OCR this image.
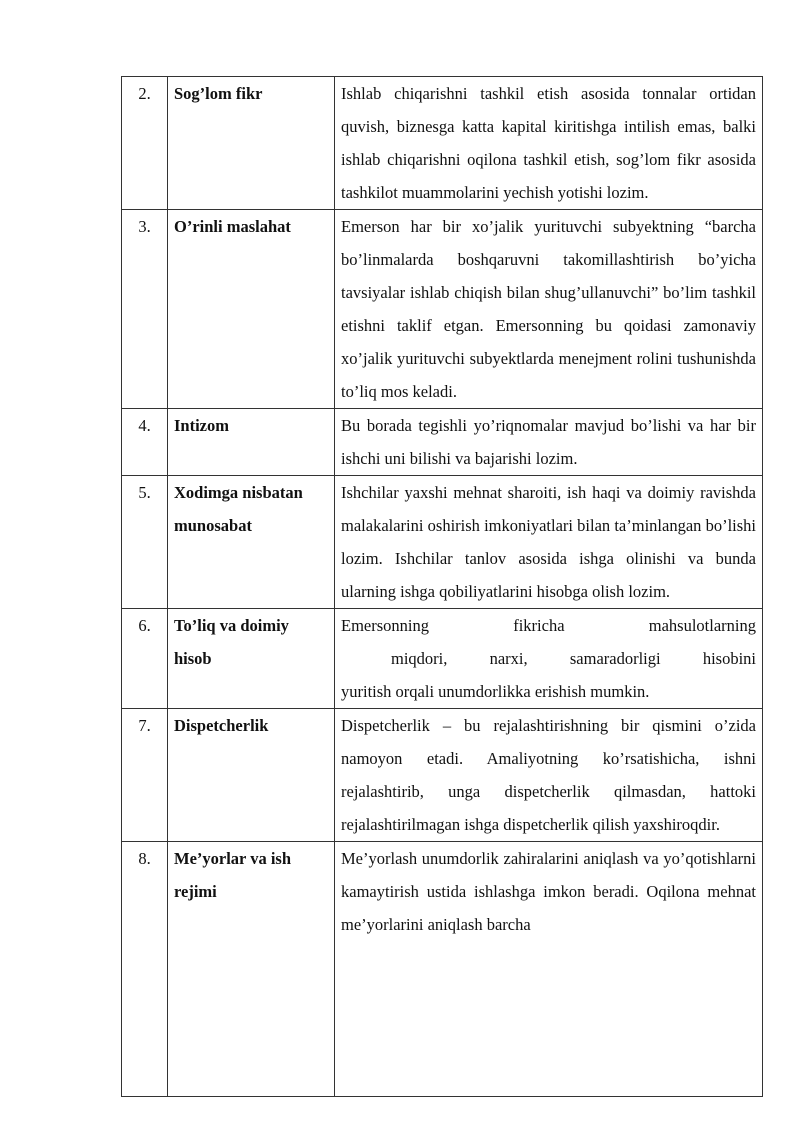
2.	Sog’lom fikr	Ishlab chiqarishni tashkil etish asosida tonnalar ortidan quvish, biznesga katta kapital kiritishga intilish emas, balki ishlab chiqarishni oqilona tashkil etish, sog’lom fikr asosida tashkilot muammolarini yechish yotishi lozim.
3.	O’rinli maslahat	Emerson har bir xo’jalik yurituvchi subyektning “barcha bo’linmalarda boshqaruvni takomillashtirish bo’yicha tavsiyalar ishlab chiqish bilan shug’ullanuvchi” bo’lim tashkil etishni taklif etgan. Emersonning bu qoidasi zamonaviy xo’jalik yurituvchi subyektlarda menejment rolini tushunishda to’liq mos keladi.
4.	Intizom	Bu borada tegishli yo’riqnomalar mavjud bo’lishi va har bir ishchi uni bilishi va bajarishi lozim.
5.	Xodimga nisbatan munosabat	Ishchilar yaxshi mehnat sharoiti, ish haqi va doimiy ravishda malakalarini oshirish imkoniyatlari bilan ta’minlangan bo’lishi lozim. Ishchilar tanlov asosida ishga olinishi va bunda ularning ishga qobiliyatlarini hisobga olish lozim.
6.	To’liq va doimiy hisob	Emersonning fikricha mahsulotlarning
miqdori, narxi, samaradorligi hisobini
yuritish orqali unumdorlikka erishish mumkin.

7.	Dispetcherlik	Dispetcherlik – bu rejalashtirishning bir qismini o’zida namoyon etadi. Amaliyotning ko’rsatishicha, ishni rejalashtirib, unga dispetcherlik qilmasdan, hattoki rejalashtirilmagan ishga dispetcherlik qilish yaxshiroqdir.
8.	Me’yorlar va ish rejimi	Me’yorlash unumdorlik zahiralarini aniqlash va yo’qotishlarni kamaytirish ustida ishlashga imkon beradi. Oqilona mehnat me’yorlarini aniqlash barcha
